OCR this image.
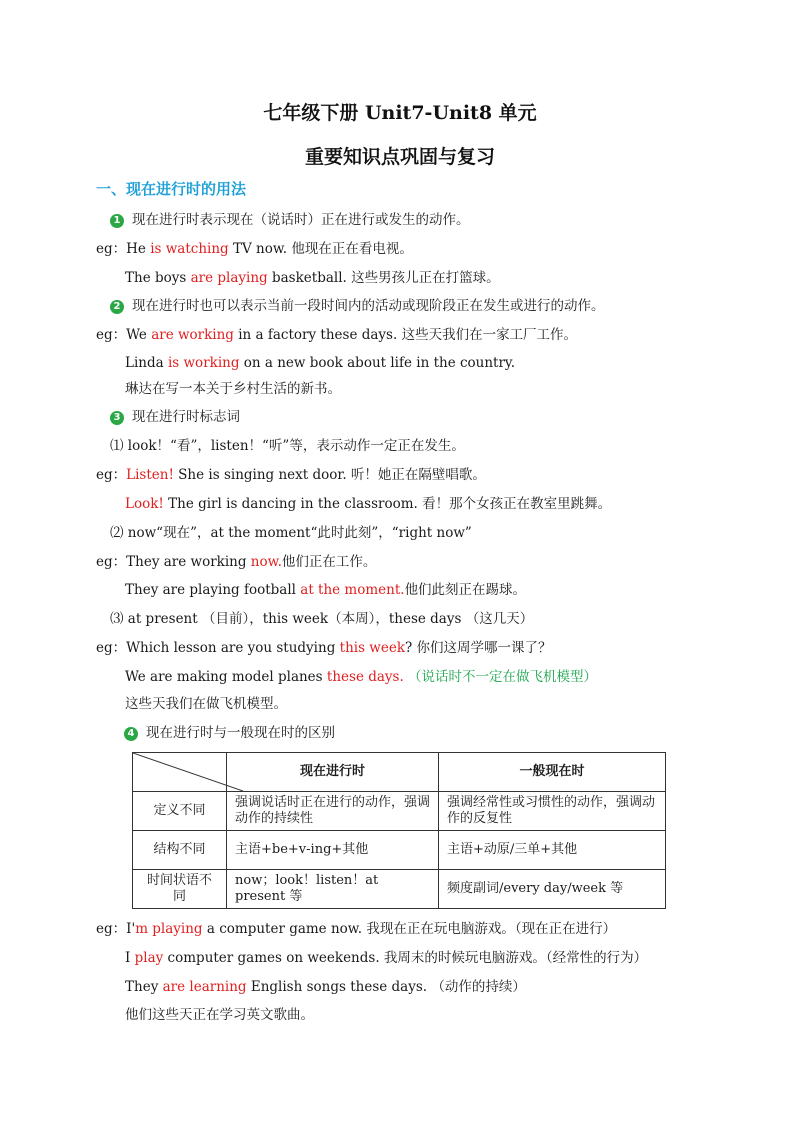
七年级下册 Unit7-Unit8 单元
重要知识点巩固与复习
一、现在进行时的用法
1 现在进行时表示现在（说话时）正在进行或发生的动作。
eg：He is watching TV now. 他现在正在看电视。
The boys are playing basketball. 这些男孩儿正在打篮球。
2 现在进行时也可以表示当前一段时间内的活动或现阶段正在发生或进行的动作。
eg：We are working in a factory these days. 这些天我们在一家工厂工作。
Linda is working on a new book about life in the country.
琳达在写一本关于乡村生活的新书。
3 现在进行时标志词
⑴ look！“看”，listen！“听”等，表示动作一定正在发生。
eg：Listen! She is singing next door. 听！她正在隔壁唱歌。
Look! The girl is dancing in the classroom. 看！那个女孩正在教室里跳舞。
⑵ now“现在”，at the moment“此时此刻”，“right now”
eg：They are working now.他们正在工作。
They are playing football at the moment.他们此刻正在踢球。
⑶ at present （目前），this week（本周），these days （这几天）
eg：Which lesson are you studying this week? 你们这周学哪一课了？
We are making model planes these days. （说话时不一定在做飞机模型）
这些天我们在做飞机模型。
4 现在进行时与一般现在时的区别
	现在进行时	一般现在时
定义不同	强调说话时正在进行的动作，强调动作的持续性	强调经常性或习惯性的动作，强调动作的反复性
结构不同	主语+be+v-ing+其他	主语+动原/三单+其他
时间状语不同	now；look！listen！at present 等	频度副词/every day/week 等
eg：I'm playing a computer game now. 我现在正在玩电脑游戏。（现在正在进行）
I play computer games on weekends. 我周末的时候玩电脑游戏。（经常性的行为）
They are learning English songs these days. （动作的持续）
他们这些天正在学习英文歌曲。
